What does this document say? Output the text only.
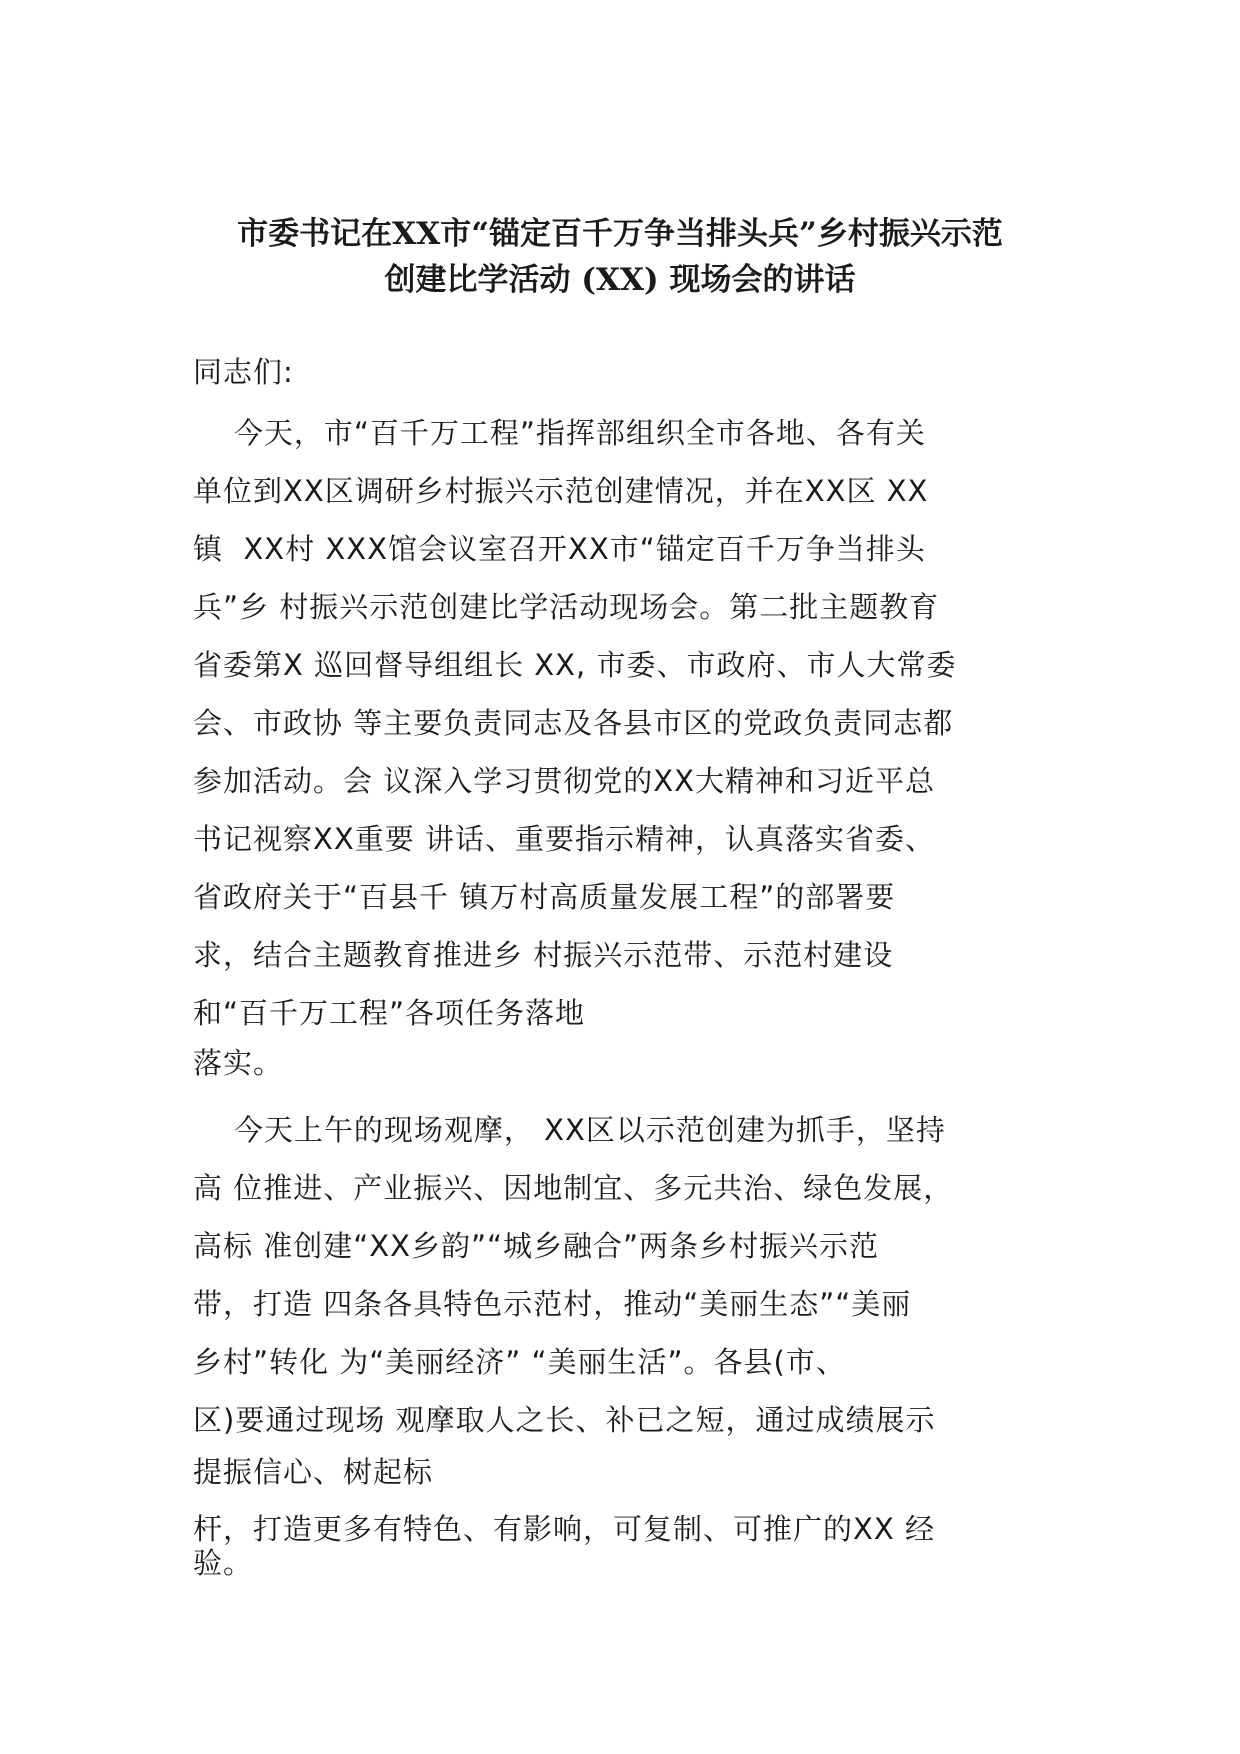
市委书记在XX市“锚定百千万争当排头兵”乡村振兴示范
创建比学活动 (XX) 现场会的讲话
同志们:
今天，市“百千万工程”指挥部组织全市各地、各有关
单位到XX区调研乡村振兴示范创建情况，并在XX区 XX
镇  XX村 XXX馆会议室召开XX市“锚定百千万争当排头
兵”乡 村振兴示范创建比学活动现场会。第二批主题教育
省委第X 巡回督导组组长 XX, 市委、市政府、市人大常委
会、市政协 等主要负责同志及各县市区的党政负责同志都
参加活动。会 议深入学习贯彻党的XX大精神和习近平总
书记视察XX重要 讲话、重要指示精神，认真落实省委、
省政府关于“百县千 镇万村高质量发展工程”的部署要
求，结合主题教育推进乡 村振兴示范带、示范村建设
和“百千万工程”各项任务落地
落实。
今天上午的现场观摩， XX区以示范创建为抓手，坚持
高 位推进、产业振兴、因地制宜、多元共治、绿色发展，
高标 准创建“XX乡韵”“城乡融合”两条乡村振兴示范
带，打造 四条各具特色示范村，推动“美丽生态”“美丽
乡村”转化 为“美丽经济” “美丽生活”。各县(市、
区)要通过现场 观摩取人之长、补已之短，通过成绩展示
提振信心、树起标
杆，打造更多有特色、有影响，可复制、可推广的XX 经
验。
